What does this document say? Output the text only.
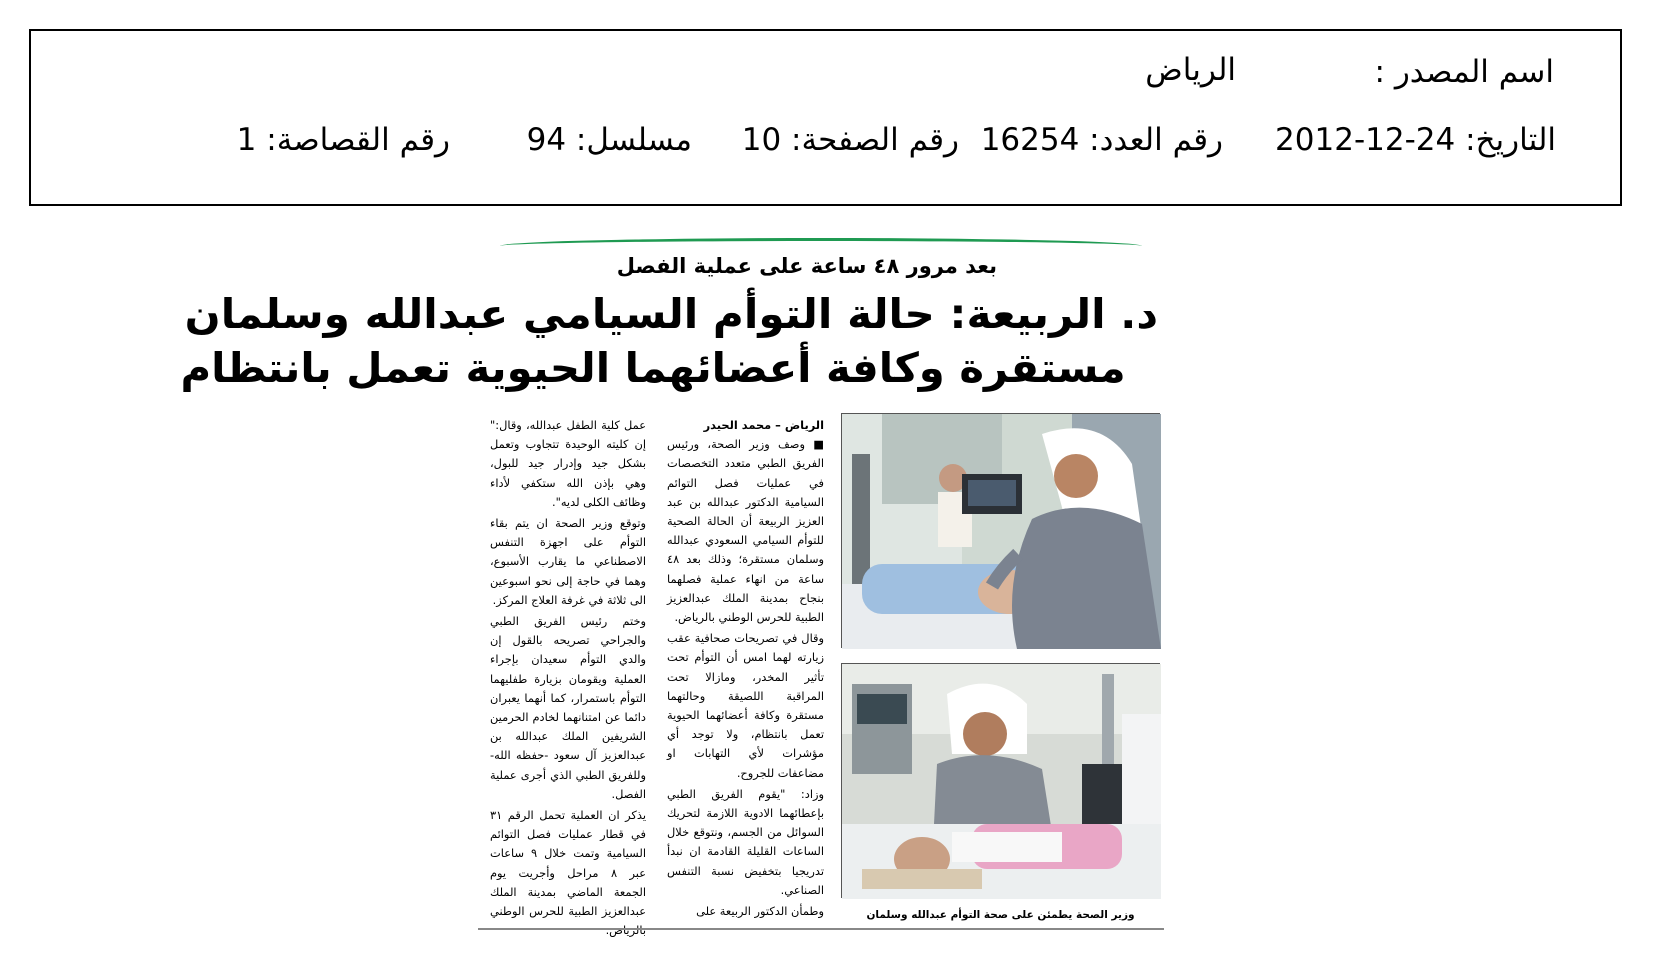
اسم المصدر :
الرياض
التاريخ: 24-12-2012
رقم العدد: 16254
رقم الصفحة: 10
مسلسل: 94
رقم القصاصة: 1
بعد مرور ٤٨ ساعة على عملية الفصل
د. الربيعة: حالة التوأم السيامي عبدالله وسلمان
مستقرة وكافة أعضائهما الحيوية تعمل بانتظام
الرياض – محمد الحيدر

■ وصف وزير الصحة، ورئيس الفريق الطبي متعدد التخصصات في عمليات فصل التوائم السيامية الدكتور عبدالله بن عبد العزيز الربيعة أن الحالة الصحية للتوأم السيامي السعودي عبدالله وسلمان مستقرة؛ وذلك بعد ٤٨ ساعة من انهاء عملية فصلهما بنجاح بمدينة الملك عبدالعزيز الطبية للحرس الوطني بالرياض.

وقال في تصريحات صحافية عقب زيارته لهما امس أن التوأم تحت تأثير المخدر، ومازالا تحت المراقبة اللصيقة وحالتهما مستقرة وكافة أعضائهما الحيوية تعمل بانتظام، ولا توجد أي مؤشرات لأي التهابات او مضاعفات للجروح.

وزاد: "يقوم الفريق الطبي بإعطائهما الادوية اللازمة لتحريك السوائل من الجسم، ونتوقع خلال الساعات القليلة القادمة ان نبدأ تدريجيا بتخفيض نسبة التنفس الصناعي.

وطمأن الدكتور الربيعة على

عمل كلية الطفل عبدالله، وقال:" إن كليته الوحيدة تتجاوب وتعمل بشكل جيد وإدرار جيد للبول، وهي بإذن الله ستكفي لأداء وظائف الكلى لديه".

وتوقع وزير الصحة ان يتم بقاء التوأم على اجهزة التنفس الاصطناعي ما يقارب الأسبوع، وهما في حاجة إلى نحو اسبوعين الى ثلاثة في غرفة العلاج المركز.

وختم رئيس الفريق الطبي والجراحي تصريحه بالقول إن والدي التوأم سعيدان بإجراء العملية ويقومان بزيارة طفليهما التوأم باستمرار، كما أنهما يعبران دائما عن امتنانهما لخادم الحرمين الشريفين الملك عبدالله بن عبدالعزيز آل سعود -حفظه الله- وللفريق الطبي الذي أجرى عملية الفصل.

يذكر ان العملية تحمل الرقم ٣١ في قطار عمليات فصل التوائم السيامية وتمت خلال ٩ ساعات عبر ٨ مراحل وأجريت يوم الجمعة الماضي بمدينة الملك عبدالعزيز الطبية للحرس الوطني بالرياض.

وزير الصحة يطمئن على صحة التوأم عبدالله وسلمان
